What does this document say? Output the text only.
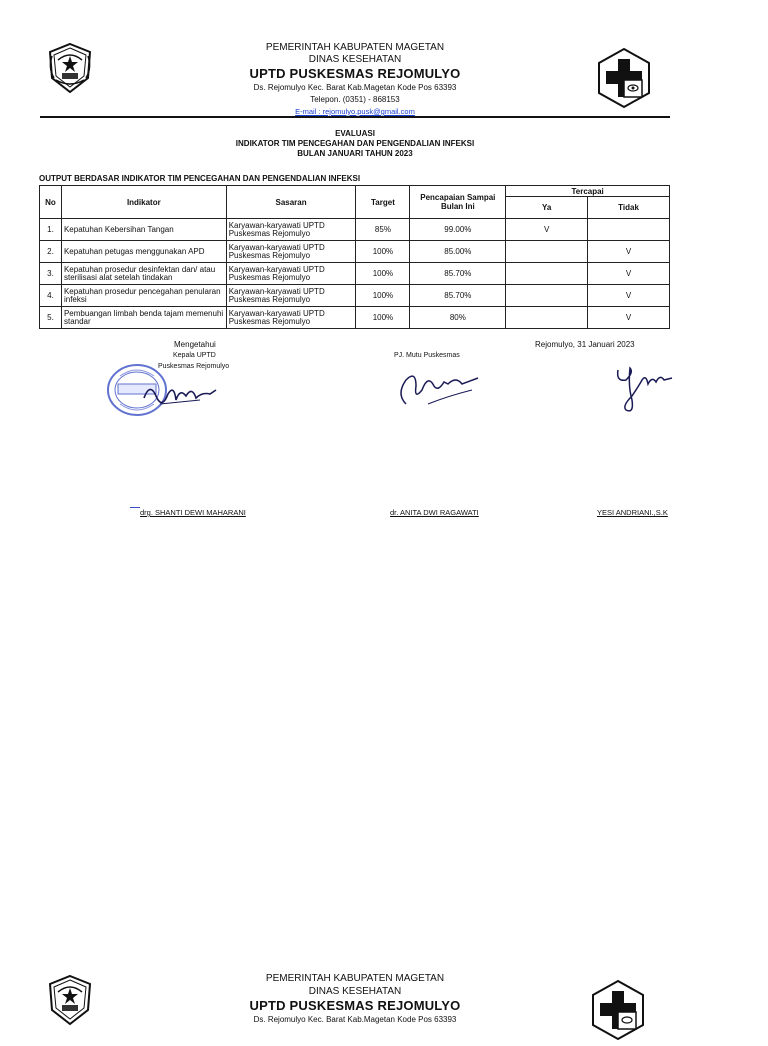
PEMERINTAH KABUPATEN MAGETAN
DINAS KESEHATAN
UPTD PUSKESMAS REJOMULYO
Ds. Rejomulyo Kec. Barat Kab.Magetan Kode Pos 63393
Telepon. (0351) - 868153
E-mail : rejomulyo.pusk@gmail.com
EVALUASI
INDIKATOR TIM PENCEGAHAN DAN PENGENDALIAN INFEKSI
BULAN JANUARI TAHUN 2023
OUTPUT BERDASAR INDIKATOR TIM PENCEGAHAN DAN PENGENDALIAN INFEKSI
No	Indikator	Sasaran	Target	Pencapaian Sampai Bulan Ini	Tercapai	
					Ya	Tidak
1.	Kepatuhan Kebersihan Tangan	Karyawan-karyawati UPTD Puskesmas Rejomulyo	85%	99.00%	V	
2.	Kepatuhan petugas menggunakan APD	Karyawan-karyawati UPTD Puskesmas Rejomulyo	100%	85.00%		V
3.	Kepatuhan prosedur desinfektan dan/ atau sterilisasi alat setelah tindakan	Karyawan-karyawati UPTD Puskesmas Rejomulyo	100%	85.70%		V
4.	Kepatuhan prosedur pencegahan penularan infeksi	Karyawan-karyawati UPTD Puskesmas Rejomulyo	100%	85.70%		V
5.	Pembuangan limbah benda tajam memenuhi standar	Karyawan-karyawati UPTD Puskesmas Rejomulyo	100%	80%		V
Mengetahui
Kepala UPTD
Puskesmas Rejomulyo
PJ. Mutu Puskesmas
Rejomulyo, 31 Januari 2023
drg. SHANTI DEWI MAHARANI	dr. ANITA DWI RAGAWATI	YESI ANDRIANI.,S.K
PEMERINTAH KABUPATEN MAGETAN
DINAS KESEHATAN
UPTD PUSKESMAS REJOMULYO
Ds. Rejomulyo Kec. Barat Kab.Magetan Kode Pos 63393
